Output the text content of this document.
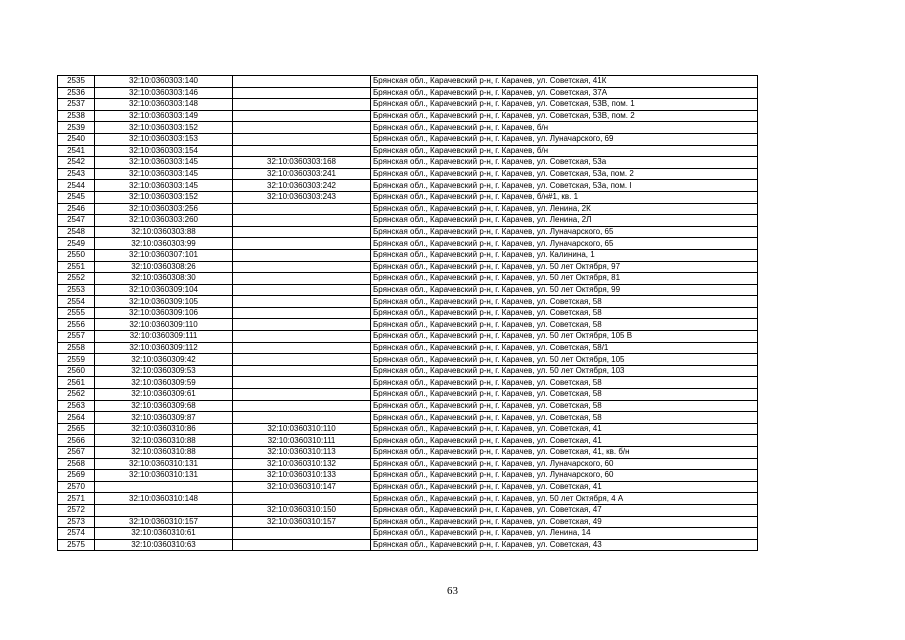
2535	32:10:0360303:140		Брянская обл., Карачевский р-н, г. Карачев, ул. Советская, 41К
2536	32:10:0360303:146		Брянская обл., Карачевский р-н, г. Карачев, ул. Советская, 37А
2537	32:10:0360303:148		Брянская обл., Карачевский р-н, г. Карачев, ул. Советская, 53В, пом. 1
2538	32:10:0360303:149		Брянская обл., Карачевский р-н, г. Карачев, ул. Советская, 53В, пом. 2
2539	32:10:0360303:152		Брянская обл., Карачевский р-н, г. Карачев, б/н
2540	32:10:0360303:153		Брянская обл., Карачевский р-н, г. Карачев, ул. Луначарского, 69
2541	32:10:0360303:154		Брянская обл., Карачевский р-н, г. Карачев, б/н
2542	32:10:0360303:145	32:10:0360303:168	Брянская обл., Карачевский р-н, г. Карачев, ул. Советская, 53а
2543	32:10:0360303:145	32:10:0360303:241	Брянская обл., Карачевский р-н, г. Карачев, ул. Советская, 53а, пом. 2
2544	32:10:0360303:145	32:10:0360303:242	Брянская обл., Карачевский р-н, г. Карачев, ул. Советская, 53а, пом. I
2545	32:10:0360303:152	32:10:0360303:243	Брянская обл., Карачевский р-н, г. Карачев, б/н#1, кв. 1
2546	32:10:0360303:256		Брянская обл., Карачевский р-н, г. Карачев, ул. Ленина, 2К
2547	32:10:0360303:260		Брянская обл., Карачевский р-н, г. Карачев, ул. Ленина, 2Л
2548	32:10:0360303:88		Брянская обл., Карачевский р-н, г. Карачев, ул. Луначарского, 65
2549	32:10:0360303:99		Брянская обл., Карачевский р-н, г. Карачев, ул. Луначарского, 65
2550	32:10:0360307:101		Брянская обл., Карачевский р-н, г. Карачев, ул. Калинина, 1
2551	32:10:0360308:26		Брянская обл., Карачевский р-н, г. Карачев, ул. 50 лет Октября, 97
2552	32:10:0360308:30		Брянская обл., Карачевский р-н, г. Карачев, ул. 50 лет Октября, 81
2553	32:10:0360309:104		Брянская обл., Карачевский р-н, г. Карачев, ул. 50 лет Октября, 99
2554	32:10:0360309:105		Брянская обл., Карачевский р-н, г. Карачев, ул. Советская, 58
2555	32:10:0360309:106		Брянская обл., Карачевский р-н, г. Карачев, ул. Советская, 58
2556	32:10:0360309:110		Брянская обл., Карачевский р-н, г. Карачев, ул. Советская, 58
2557	32:10:0360309:111		Брянская обл., Карачевский р-н, г. Карачев, ул. 50 лет Октября, 105 В
2558	32:10:0360309:112		Брянская обл., Карачевский р-н, г. Карачев, ул. Советская, 58/1
2559	32:10:0360309:42		Брянская обл., Карачевский р-н, г. Карачев, ул. 50 лет Октября, 105
2560	32:10:0360309:53		Брянская обл., Карачевский р-н, г. Карачев, ул. 50 лет Октября, 103
2561	32:10:0360309:59		Брянская обл., Карачевский р-н, г. Карачев, ул. Советская, 58
2562	32:10:0360309:61		Брянская обл., Карачевский р-н, г. Карачев, ул. Советская, 58
2563	32:10:0360309:68		Брянская обл., Карачевский р-н, г. Карачев, ул. Советская, 58
2564	32:10:0360309:87		Брянская обл., Карачевский р-н, г. Карачев, ул. Советская, 58
2565	32:10:0360310:86	32:10:0360310:110	Брянская обл., Карачевский р-н, г. Карачев, ул. Советская, 41
2566	32:10:0360310:88	32:10:0360310:111	Брянская обл., Карачевский р-н, г. Карачев, ул. Советская, 41
2567	32:10:0360310:88	32:10:0360310:113	Брянская обл., Карачевский р-н, г. Карачев, ул. Советская, 41, кв. б/н
2568	32:10:0360310:131	32:10:0360310:132	Брянская обл., Карачевский р-н, г. Карачев, ул. Луначарского, 60
2569	32:10:0360310:131	32:10:0360310:133	Брянская обл., Карачевский р-н, г. Карачев, ул. Луначарского, 60
2570		32:10:0360310:147	Брянская обл., Карачевский р-н, г. Карачев, ул. Советская, 41
2571	32:10:0360310:148		Брянская обл., Карачевский р-н, г. Карачев, ул. 50 лет Октября, 4 А
2572		32:10:0360310:150	Брянская обл., Карачевский р-н, г. Карачев, ул. Советская, 47
2573	32:10:0360310:157	32:10:0360310:157	Брянская обл., Карачевский р-н, г. Карачев, ул. Советская, 49
2574	32:10:0360310:61		Брянская обл., Карачевский р-н, г. Карачев, ул. Ленина, 14
2575	32:10:0360310:63		Брянская обл., Карачевский р-н, г. Карачев, ул. Советская, 43
63
